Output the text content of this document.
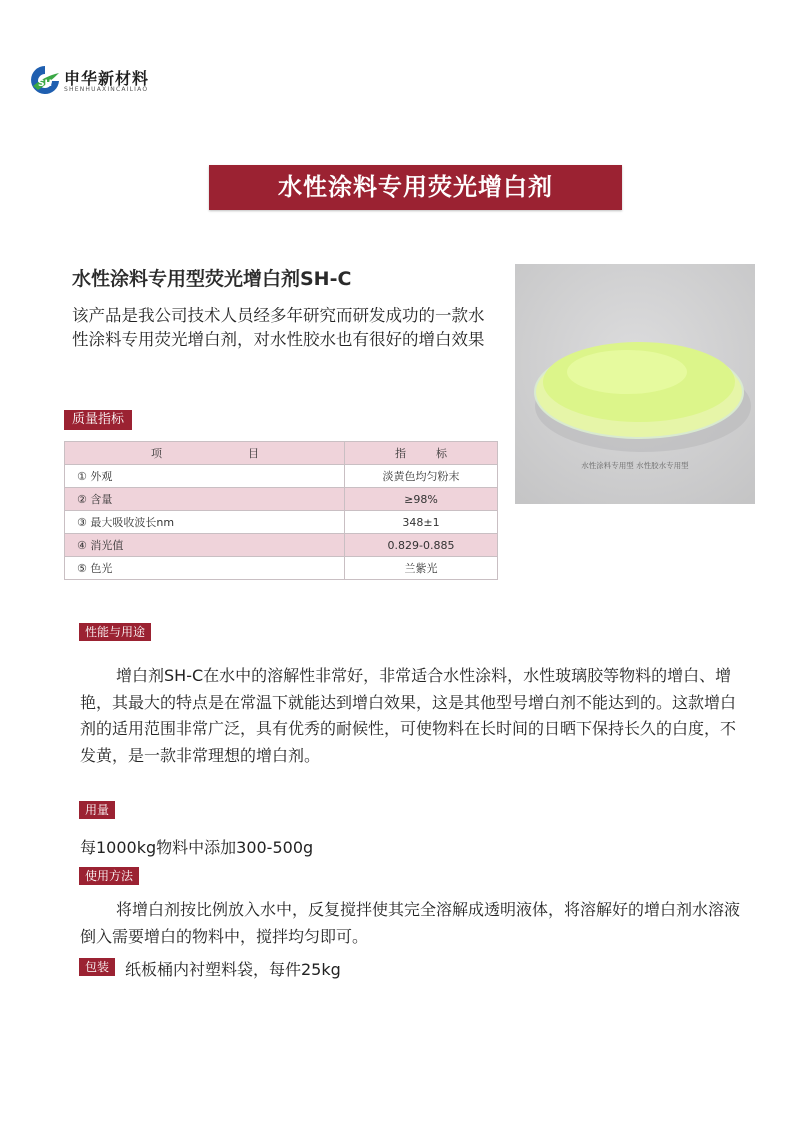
SH 申华新材料
SHENHUAXINCAILIAO
水性涂料专用荧光增白剂
水性涂料专用型荧光增白剂SH-C
该产品是我公司技术人员经多年研究而研发成功的一款水性涂料专用荧光增白剂，对水性胶水也有很好的增白效果
水性涂料专用型 水性胶水专用型
质量指标
项 目	指 标
① 外观	淡黄色均匀粉末
② 含量	≥98%
③ 最大吸收波长nm	348±1
④ 消光值	0.829-0.885
⑤ 色光	兰紫光
性能与用途
增白剂SH-C在水中的溶解性非常好，非常适合水性涂料，水性玻璃胶等物料的增白、增艳，其最大的特点是在常温下就能达到增白效果，这是其他型号增白剂不能达到的。这款增白剂的适用范围非常广泛，具有优秀的耐候性，可使物料在长时间的日晒下保持长久的白度，不发黄，是一款非常理想的增白剂。
用量
每1000kg物料中添加300-500g
使用方法
将增白剂按比例放入水中，反复搅拌使其完全溶解成透明液体，将溶解好的增白剂水溶液倒入需要增白的物料中，搅拌均匀即可。
包装 纸板桶内衬塑料袋，每件25kg
